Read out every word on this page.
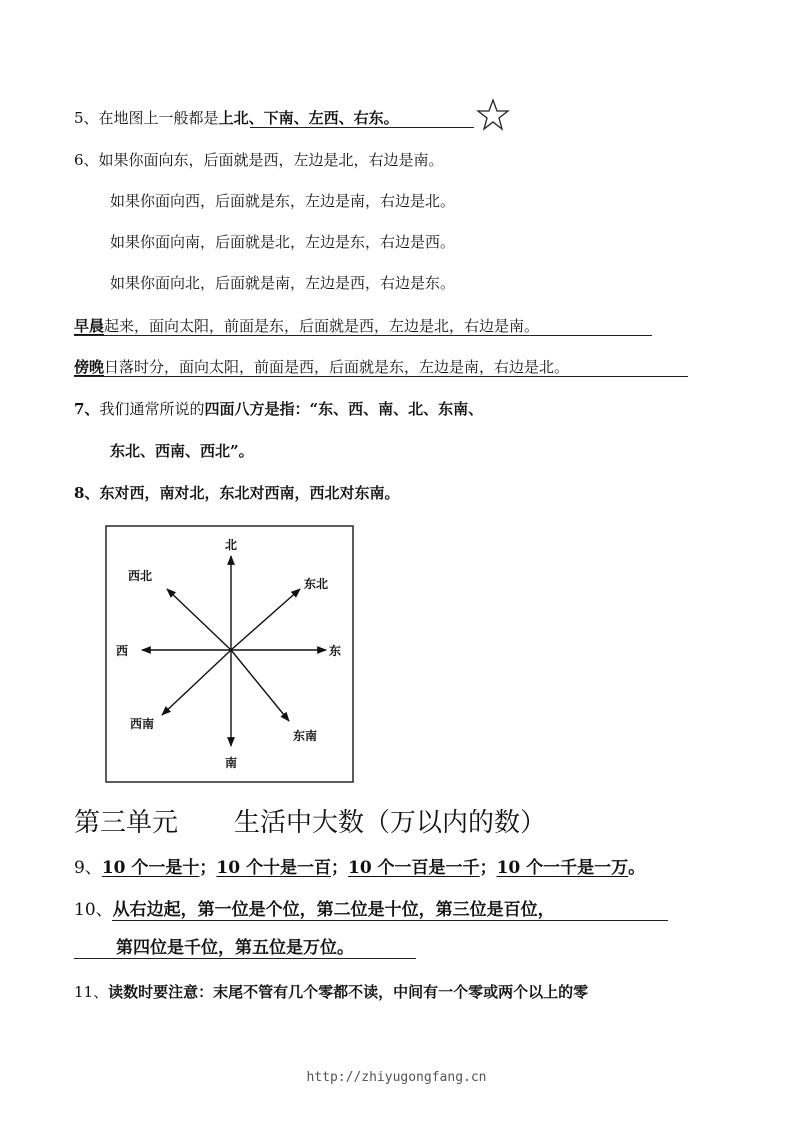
5、在地图上一般都是上北、下南、左西、右东。
6、如果你面向东，后面就是西，左边是北，右边是南。
如果你面向西，后面就是东，左边是南，右边是北。
如果你面向南，后面就是北，左边是东，右边是西。
如果你面向北，后面就是南，左边是西，右边是东。
早晨起来，面向太阳，前面是东，后面就是西，左边是北，右边是南。
傍晚日落时分，面向太阳，前面是西，后面就是东，左边是南，右边是北。
7、我们通常所说的四面八方是指：“东、西、南、北、东南、
东北、西南、西北”。
8、东对西，南对北，东北对西南，西北对东南。
北
南
东
西
东北
西北
东南
西南
第三单元 生活中大数（万以内的数）
9、10 个一是十；10 个十是一百；10 个一百是一千；10 个一千是一万。
10、从右边起，第一位是个位，第二位是十位，第三位是百位，
第四位是千位，第五位是万位。
11、读数时要注意：末尾不管有几个零都不读，中间有一个零或两个以上的零
http://zhiyugongfang.cn
